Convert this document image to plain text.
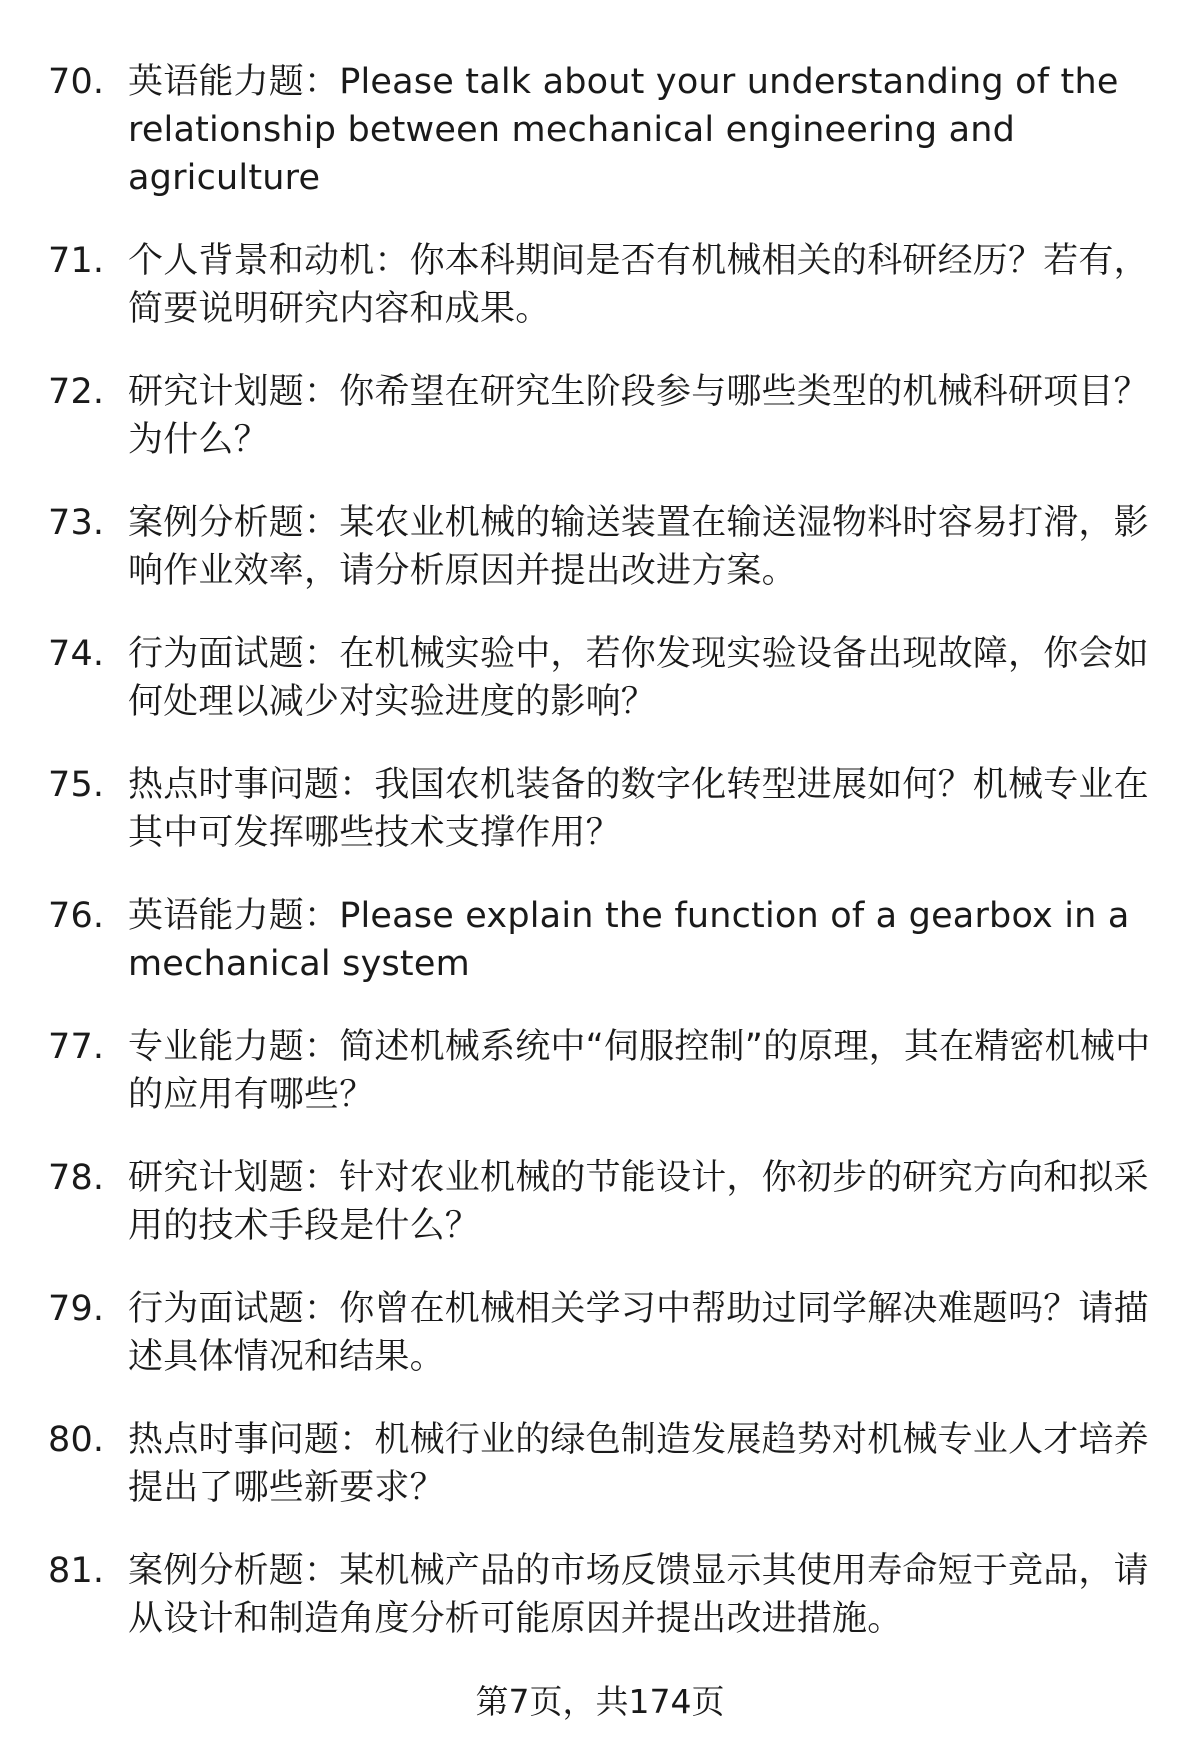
70. 英语能力题：Please talk about your understanding of the relationship between mechanical engineering and agriculture
71. 个人背景和动机：你本科期间是否有机械相关的科研经历？若有，简要说明研究内容和成果。
72. 研究计划题：你希望在研究生阶段参与哪些类型的机械科研项目？为什么？
73. 案例分析题：某农业机械的输送装置在输送湿物料时容易打滑，影响作业效率，请分析原因并提出改进方案。
74. 行为面试题：在机械实验中，若你发现实验设备出现故障，你会如何处理以减少对实验进度的影响？
75. 热点时事问题：我国农机装备的数字化转型进展如何？机械专业在其中可发挥哪些技术支撑作用？
76. 英语能力题：Please explain the function of a gearbox in a mechanical system
77. 专业能力题：简述机械系统中“伺服控制”的原理，其在精密机械中的应用有哪些？
78. 研究计划题：针对农业机械的节能设计，你初步的研究方向和拟采用的技术手段是什么？
79. 行为面试题：你曾在机械相关学习中帮助过同学解决难题吗？请描述具体情况和结果。
80. 热点时事问题：机械行业的绿色制造发展趋势对机械专业人才培养提出了哪些新要求？
81. 案例分析题：某机械产品的市场反馈显示其使用寿命短于竞品，请从设计和制造角度分析可能原因并提出改进措施。
第7页，共174页
